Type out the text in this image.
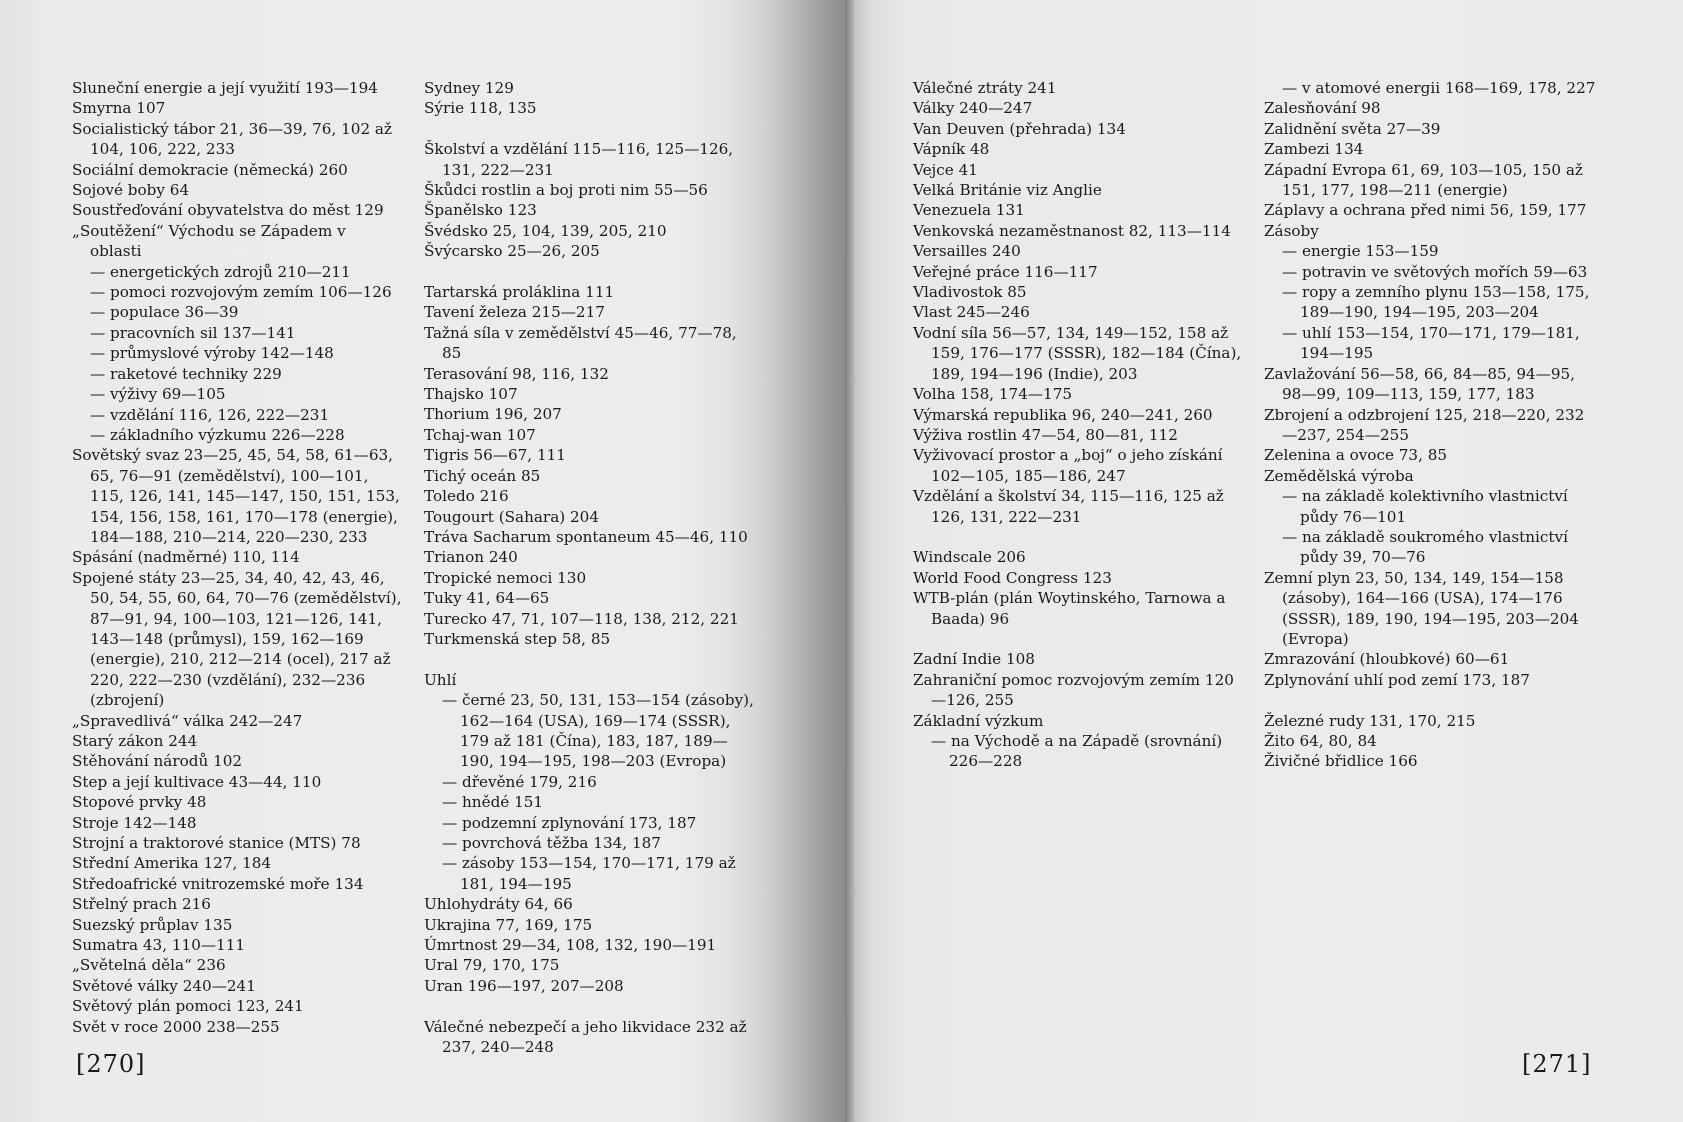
Sluneční energie a její využití 193—194
Smyrna 107
Socialistický tábor 21, 36—39, 76, 102 až 104, 106, 222, 233
Sociální demokracie (německá) 260
Sojové boby 64
Soustřeďování obyvatelstva do měst 129
„Soutěžení“ Východu se Západem v oblasti
— energetických zdrojů 210—211
— pomoci rozvojovým zemím 106—126
— populace 36—39
— pracovních sil 137—141
— průmyslové výroby 142—148
— raketové techniky 229
— výživy 69—105
— vzdělání 116, 126, 222—231
— základního výzkumu 226—228
Sovětský svaz 23—25, 45, 54, 58, 61—63, 65, 76—91 (zemědělství), 100—101, 115, 126, 141, 145—147, 150, 151, 153, 154, 156, 158, 161, 170—178 (energie), 184—188, 210—214, 220—230, 233
Spásání (nadměrné) 110, 114
Spojené státy 23—25, 34, 40, 42, 43, 46, 50, 54, 55, 60, 64, 70—76 (zemědělství), 87—91, 94, 100—103, 121—126, 141, 143—148 (průmysl), 159, 162—169 (energie), 210, 212—214 (ocel), 217 až 220, 222—230 (vzdělání), 232—236 (zbrojení)
„Spravedlivá“ válka 242—247
Starý zákon 244
Stěhování národů 102
Step a její kultivace 43—44, 110
Stopové prvky 48
Stroje 142—148
Strojní a traktorové stanice (MTS) 78
Střední Amerika 127, 184
Středoafrické vnitrozemské moře 134
Střelný prach 216
Suezský průplav 135
Sumatra 43, 110—111
„Světelná děla“ 236
Světové války 240—241
Světový plán pomoci 123, 241
Svět v roce 2000 238—255
Sydney 129
Sýrie 118, 135
Školství a vzdělání 115—116, 125—126, 131, 222—231
Škůdci rostlin a boj proti nim 55—56
Španělsko 123
Švédsko 25, 104, 139, 205, 210
Švýcarsko 25—26, 205
Tartarská proláklina 111
Tavení železa 215—217
Tažná síla v zemědělství 45—46, 77—78, 85
Terasování 98, 116, 132
Thajsko 107
Thorium 196, 207
Tchaj-wan 107
Tigris 56—67, 111
Tichý oceán 85
Toledo 216
Tougourt (Sahara) 204
Tráva Sacharum spontaneum 45—46, 110
Trianon 240
Tropické nemoci 130
Tuky 41, 64—65
Turecko 47, 71, 107—118, 138, 212, 221
Turkmenská step 58, 85
Uhlí
— černé 23, 50, 131, 153—154 (zásoby), 162—164 (USA), 169—174 (SSSR), 179 až 181 (Čína), 183, 187, 189—190, 194—195, 198—203 (Evropa)
— dřevěné 179, 216
— hnědé 151
— podzemní zplynování 173, 187
— povrchová těžba 134, 187
— zásoby 153—154, 170—171, 179 až 181, 194—195
Uhlohydráty 64, 66
Ukrajina 77, 169, 175
Úmrtnost 29—34, 108, 132, 190—191
Ural 79, 170, 175
Uran 196—197, 207—208
Válečné nebezpečí a jeho likvidace 232 až 237, 240—248
[270]
Válečné ztráty 241
Války 240—247
Van Deuven (přehrada) 134
Vápník 48
Vejce 41
Velká Británie viz Anglie
Venezuela 131
Venkovská nezaměstnanost 82, 113—114
Versailles 240
Veřejné práce 116—117
Vladivostok 85
Vlast 245—246
Vodní síla 56—57, 134, 149—152, 158 až 159, 176—177 (SSSR), 182—184 (Čína), 189, 194—196 (Indie), 203
Volha 158, 174—175
Výmarská republika 96, 240—241, 260
Výživa rostlin 47—54, 80—81, 112
Vyživovací prostor a „boj“ o jeho získání 102—105, 185—186, 247
Vzdělání a školství 34, 115—116, 125 až 126, 131, 222—231
Windscale 206
World Food Congress 123
WTB-plán (plán Woytinského, Tarnowa a Baada) 96
Zadní Indie 108
Zahraniční pomoc rozvojovým zemím 120—126, 255
Základní výzkum
— na Východě a na Západě (srovnání) 226—228
— v atomové energii 168—169, 178, 227
Zalesňování 98
Zalidnění světa 27—39
Zambezi 134
Západní Evropa 61, 69, 103—105, 150 až 151, 177, 198—211 (energie)
Záplavy a ochrana před nimi 56, 159, 177
Zásoby
— energie 153—159
— potravin ve světových mořích 59—63
— ropy a zemního plynu 153—158, 175, 189—190, 194—195, 203—204
— uhlí 153—154, 170—171, 179—181, 194—195
Zavlažování 56—58, 66, 84—85, 94—95, 98—99, 109—113, 159, 177, 183
Zbrojení a odzbrojení 125, 218—220, 232—237, 254—255
Zelenina a ovoce 73, 85
Zemědělská výroba
— na základě kolektivního vlastnictví půdy 76—101
— na základě soukromého vlastnictví půdy 39, 70—76
Zemní plyn 23, 50, 134, 149, 154—158 (zásoby), 164—166 (USA), 174—176 (SSSR), 189, 190, 194—195, 203—204 (Evropa)
Zmrazování (hloubkové) 60—61
Zplynování uhlí pod zemí 173, 187
Železné rudy 131, 170, 215
Žito 64, 80, 84
Živičné břidlice 166
[271]
